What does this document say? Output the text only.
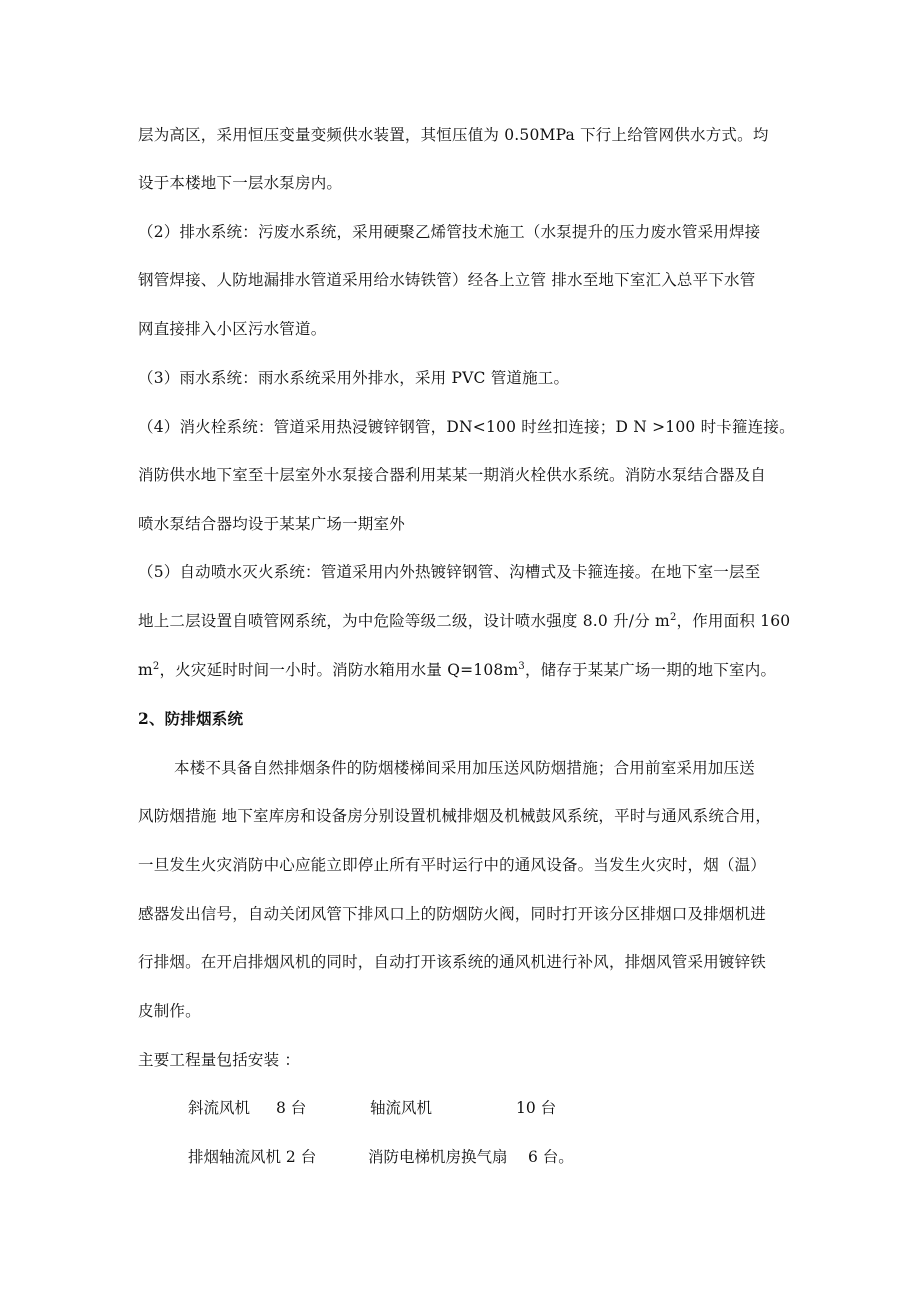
层为高区，采用恒压变量变频供水装置，其恒压值为 0.50MPa 下行上给管网供水方式。均
设于本楼地下一层水泵房内。
（2）排水系统：污废水系统，采用硬聚乙烯管技术施工（水泵提升的压力废水管采用焊接
钢管焊接、人防地漏排水管道采用给水铸铁管）经各上立管 排水至地下室汇入总平下水管
网直接排入小区污水管道。
（3）雨水系统：雨水系统采用外排水，采用 PVC 管道施工。
（4）消火栓系统：管道采用热浸镀锌钢管，DN<100 时丝扣连接；D N >100 时卡箍连接。
消防供水地下室至十层室外水泵接合器利用某某一期消火栓供水系统。消防水泵结合器及自
喷水泵结合器均设于某某广场一期室外
（5）自动喷水灭火系统：管道采用内外热镀锌钢管、沟槽式及卡箍连接。在地下室一层至
地上二层设置自喷管网系统，为中危险等级二级，设计喷水强度 8.0 升/分 $m^2$，作用面积 160
$m^2$，火灾延时时间一小时。消防水箱用水量 $Q=108m^3$，储存于某某广场一期的地下室内。
2、防排烟系统
本楼不具备自然排烟条件的防烟楼梯间采用加压送风防烟措施；合用前室采用加压送
风防烟措施 地下室库房和设备房分别设置机械排烟及机械鼓风系统，平时与通风系统合用，
一旦发生火灾消防中心应能立即停止所有平时运行中的通风设备。当发生火灾时，烟（温）
感器发出信号，自动关闭风管下排风口上的防烟防火阀，同时打开该分区排烟口及排烟机进
行排烟。在开启排烟风机的同时，自动打开该系统的通风机进行补风，排烟风管采用镀锌铁
皮制作。
主要工程量包括安装 ：
斜流风机 8 台	轴流风机	10 台
排烟轴流风机 2 台	消防电梯机房换气扇 6 台。
